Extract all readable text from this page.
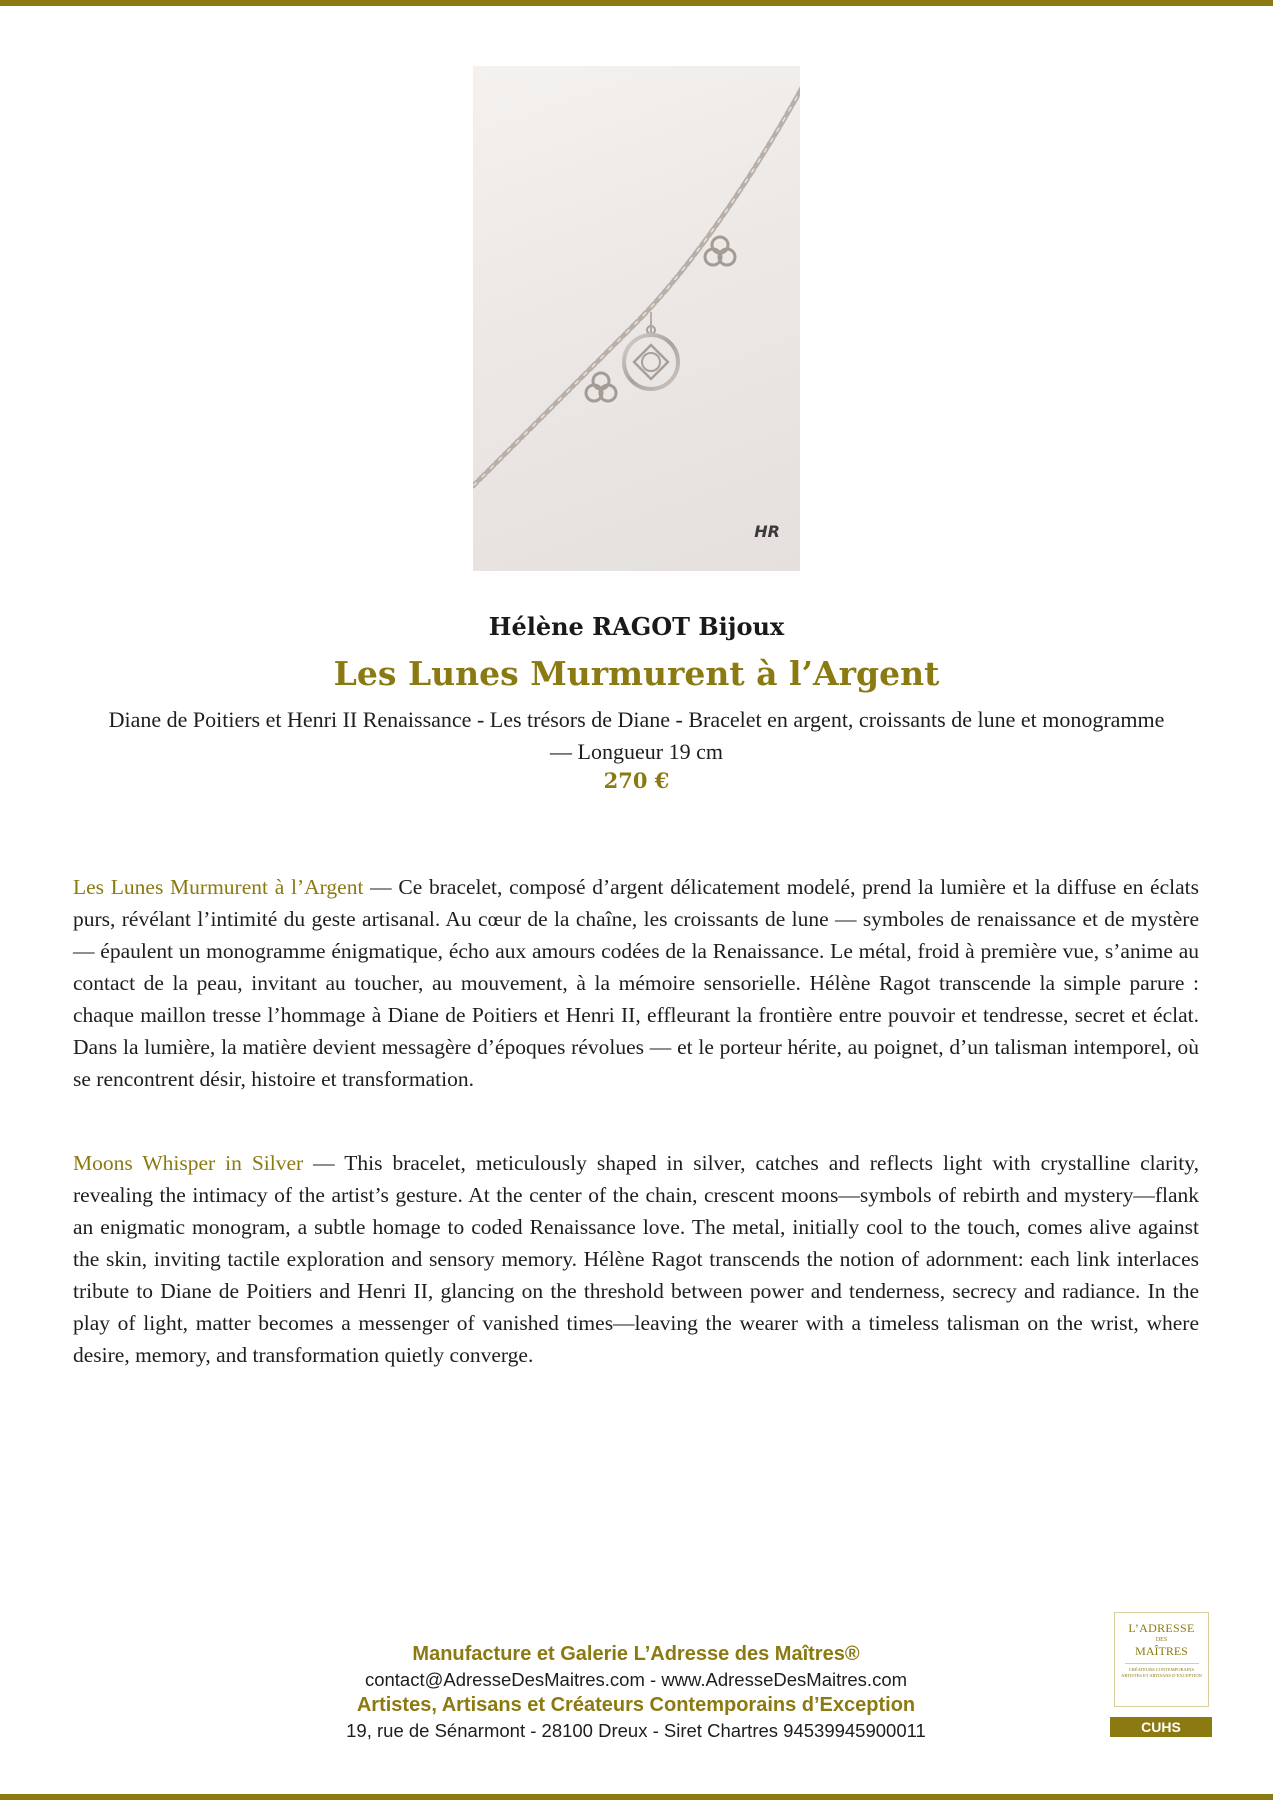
HR
Hélène RAGOT Bijoux
Les Lunes Murmurent à l’Argent
Diane de Poitiers et Henri II Renaissance - Les trésors de Diane - Bracelet en argent, croissants de lune et monogramme — Longueur 19 cm
270 €

Les Lunes Murmurent à l’Argent — Ce bracelet, composé d’argent délicatement modelé, prend la lumière et la diffuse en éclats purs, révélant l’intimité du geste artisanal. Au cœur de la chaîne, les croissants de lune — symboles de renaissance et de mystère — épaulent un monogramme énigmatique, écho aux amours codées de la Renaissance. Le métal, froid à première vue, s’anime au contact de la peau, invitant au toucher, au mouvement, à la mémoire sensorielle. Hélène Ragot transcende la simple parure : chaque maillon tresse l’hommage à Diane de Poitiers et Henri II, effleurant la frontière entre pouvoir et tendresse, secret et éclat. Dans la lumière, la matière devient messagère d’époques révolues — et le porteur hérite, au poignet, d’un talisman intemporel, où se rencontrent désir, histoire et transformation.

Moons Whisper in Silver — This bracelet, meticulously shaped in silver, catches and reflects light with crystalline clarity, revealing the intimacy of the artist’s gesture. At the center of the chain, crescent moons—symbols of rebirth and mystery—flank an enigmatic monogram, a subtle homage to coded Renaissance love. The metal, initially cool to the touch, comes alive against the skin, inviting tactile exploration and sensory memory. Hélène Ragot transcends the notion of adornment: each link interlaces tribute to Diane de Poitiers and Henri II, glancing on the threshold between power and tenderness, secrecy and radiance. In the play of light, matter becomes a messenger of vanished times—leaving the wearer with a timeless talisman on the wrist, where desire, memory, and transformation quietly converge.

Manufacture et Galerie L’Adresse des Maîtres®
contact@AdresseDesMaitres.com - www.AdresseDesMaitres.com
Artistes, Artisans et Créateurs Contemporains d’Exception
19, rue de Sénarmont - 28100 Dreux - Siret Chartres 94539945900011
L’ADRESSE
DES
MAÎTRES
CRÉATEURS CONTEMPORAINS ARTISTES ET ARTISANS D’EXCEPTION
CUHS
